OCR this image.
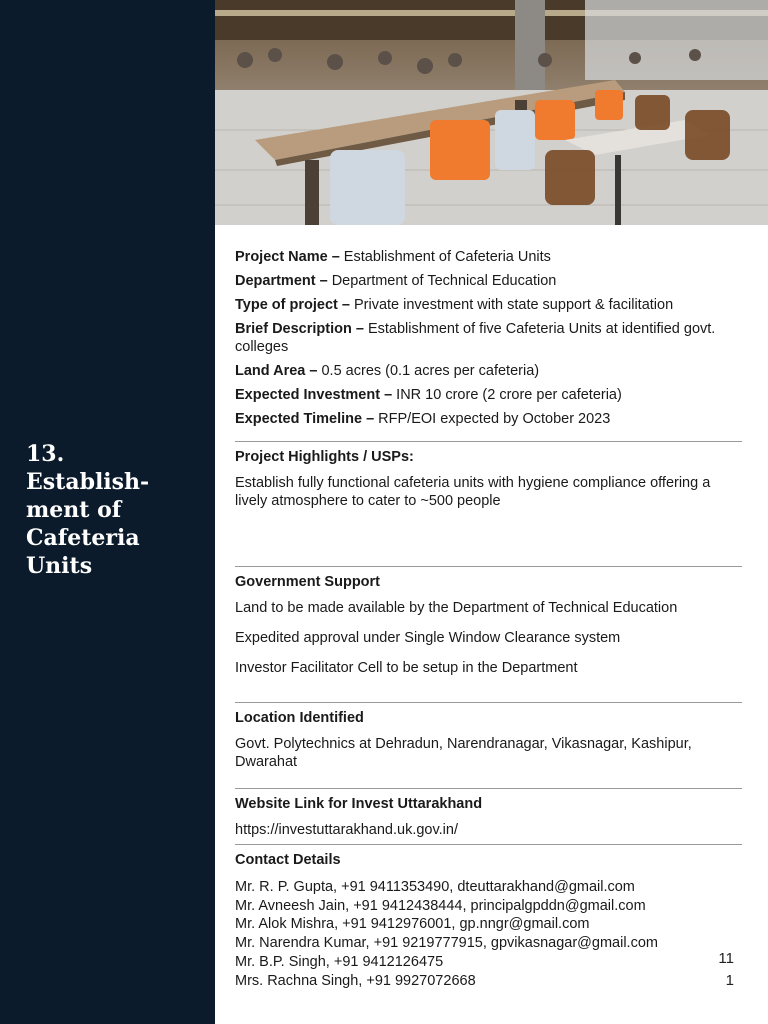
13.
Establish-
ment of
Cafeteria
Units
Project Name – Establishment of Cafeteria Units
Department – Department of Technical Education
Type of project – Private investment with state support & facilitation
Brief Description – Establishment of five Cafeteria Units at identified govt. colleges
Land Area – 0.5 acres (0.1 acres per cafeteria)
Expected Investment – INR 10 crore (2 crore per cafeteria)
Expected Timeline – RFP/EOI expected by October 2023
Project Highlights / USPs:
Establish fully functional cafeteria units with hygiene compliance offering a lively atmosphere to cater to ~500 people
Government Support
Land to be made available by the Department of Technical Education
Expedited approval under Single Window Clearance system
Investor Facilitator Cell to be setup in the Department
Location Identified
Govt. Polytechnics at Dehradun, Narendranagar, Vikasnagar, Kashipur, Dwarahat
Website Link for Invest Uttarakhand
https://investuttarakhand.uk.gov.in/
Contact Details
Mr. R. P. Gupta, +91 9411353490, dteuttarakhand@gmail.com
Mr. Avneesh Jain, +91 9412438444, principalgpddn@gmail.com
Mr. Alok Mishra, +91 9412976001, gp.nngr@gmail.com
Mr. Narendra Kumar, +91 9219777915, gpvikasnagar@gmail.com
Mr. B.P. Singh, +91 9412126475
Mrs. Rachna Singh, +91 9927072668
11
1
